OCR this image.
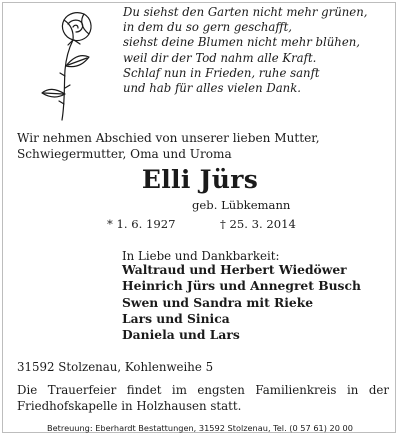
Du siehst den Garten nicht mehr grünen,
in dem du so gern geschafft,
siehst deine Blumen nicht mehr blühen,
weil dir der Tod nahm alle Kraft.
Schlaf nun in Frieden, ruhe sanft
und hab für alles vielen Dank.
Wir nehmen Abschied von unserer lieben Mutter, Schwiegermutter, Oma und Uroma
Elli Jürs
geb. Lübkemann
* 1. 6. 1927	† 25. 3. 2014
In Liebe und Dankbarkeit:
Waltraud und Herbert Wiedöwer
Heinrich Jürs und Annegret Busch
Swen und Sandra mit Rieke
Lars und Sinica
Daniela und Lars
31592 Stolzenau, Kohlenweihe 5
Die Trauerfeier findet im engsten Familienkreis in der Friedhofskapelle in Holzhausen statt.
Betreuung: Eberhardt Bestattungen, 31592 Stolzenau, Tel. (0 57 61) 20 00
